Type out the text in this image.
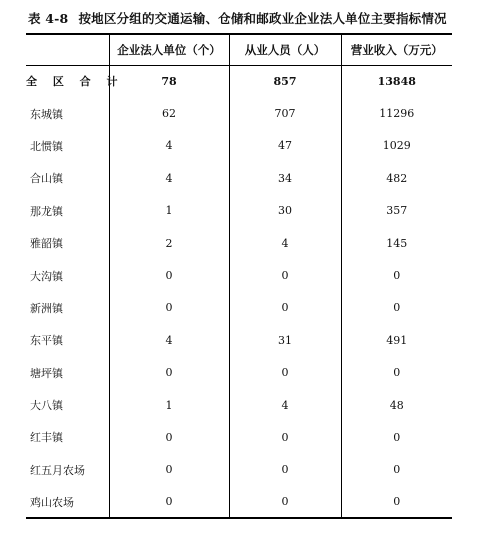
表 4-8 按地区分组的交通运输、仓储和邮政业企业法人单位主要指标情况
	企业法人单位（个）	从业人员（人）	营业收入（万元）
全 区 合 计	78	857	13848
东城镇	62	707	11296
北惯镇	4	47	1029
合山镇	4	34	482
那龙镇	1	30	357
雅韶镇	2	4	145
大沟镇	0	0	0
新洲镇	0	0	0
东平镇	4	31	491
塘坪镇	0	0	0
大八镇	1	4	48
红丰镇	0	0	0
红五月农场	0	0	0
鸡山农场	0	0	0
